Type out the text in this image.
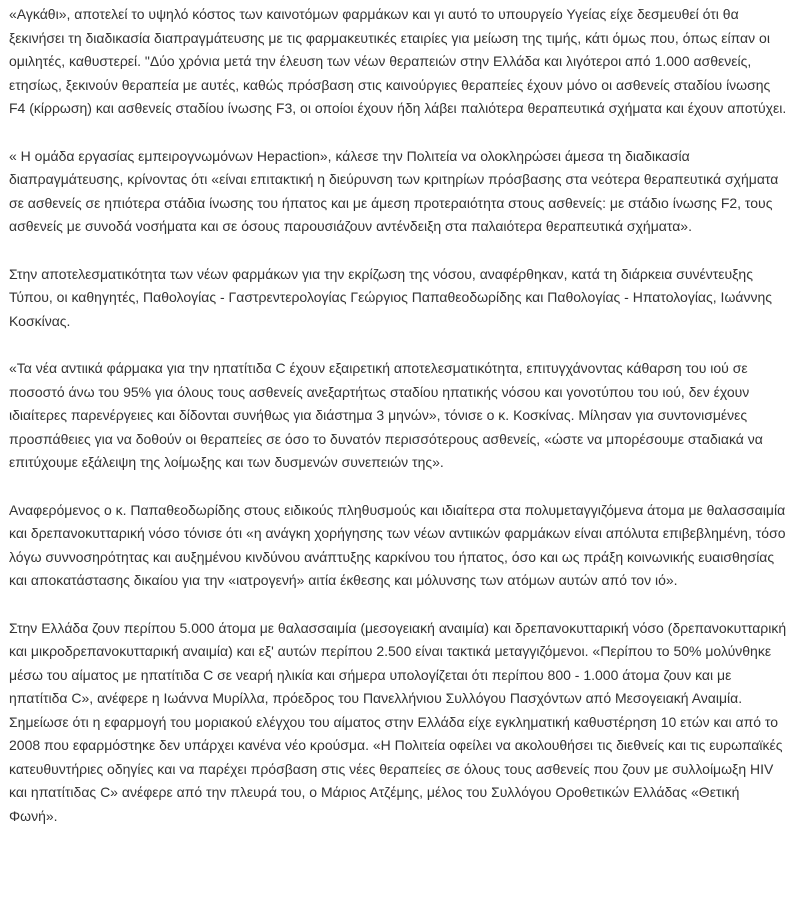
«Αγκάθι», αποτελεί το υψηλό κόστος των καινοτόμων φαρμάκων και γι αυτό το υπουργείο Υγείας είχε δεσμευθεί ότι θα ξεκινήσει τη διαδικασία διαπραγμάτευσης με τις φαρμακευτικές εταιρίες για μείωση της τιμής, κάτι όμως που, όπως είπαν οι ομιλητές, καθυστερεί. "Δύο χρόνια μετά την έλευση των νέων θεραπειών στην Ελλάδα και λιγότεροι από 1.000 ασθενείς, ετησίως, ξεκινούν θεραπεία με αυτές, καθώς πρόσβαση στις καινούργιες θεραπείες έχουν μόνο οι ασθενείς σταδίου ίνωσης F4 (κίρρωση) και ασθενείς σταδίου ίνωσης F3, οι οποίοι έχουν ήδη λάβει παλιότερα θεραπευτικά σχήματα και έχουν αποτύχει.

« Η ομάδα εργασίας εμπειρογνωμόνων Hepaction», κάλεσε την Πολιτεία να ολοκληρώσει άμεσα τη διαδικασία διαπραγμάτευσης, κρίνοντας ότι «είναι επιτακτική η διεύρυνση των κριτηρίων πρόσβασης στα νεότερα θεραπευτικά σχήματα σε ασθενείς σε ηπιότερα στάδια ίνωσης του ήπατος και με άμεση προτεραιότητα στους ασθενείς: με στάδιο ίνωσης F2, τους ασθενείς με συνοδά νοσήματα και σε όσους παρουσιάζουν αντένδειξη στα παλαιότερα θεραπευτικά σχήματα».

Στην αποτελεσματικότητα των νέων φαρμάκων για την εκρίζωση της νόσου, αναφέρθηκαν, κατά τη διάρκεια συνέντευξης Τύπου, οι καθηγητές, Παθολογίας - Γαστρεντερολογίας Γεώργιος Παπαθεοδωρίδης και Παθολογίας - Ηπατολογίας, Ιωάννης Κοσκίνας.

«Τα νέα αντιικά φάρμακα για την ηπατίτιδα C έχουν εξαιρετική αποτελεσματικότητα, επιτυγχάνοντας κάθαρση του ιού σε ποσοστό άνω του 95% για όλους τους ασθενείς ανεξαρτήτως σταδίου ηπατικής νόσου και γονοτύπου του ιού, δεν έχουν ιδιαίτερες παρενέργειες και δίδονται συνήθως για διάστημα 3 μηνών», τόνισε ο κ. Κοσκίνας. Μίλησαν για συντονισμένες προσπάθειες για να δοθούν οι θεραπείες σε όσο το δυνατόν περισσότερους ασθενείς, «ώστε να μπορέσουμε σταδιακά να επιτύχουμε εξάλειψη της λοίμωξης και των δυσμενών συνεπειών της».

Αναφερόμενος ο κ. Παπαθεοδωρίδης στους ειδικούς πληθυσμούς και ιδιαίτερα στα πολυμεταγγιζόμενα άτομα με θαλασσαιμία και δρεπανοκυτταρική νόσο τόνισε ότι «η ανάγκη χορήγησης των νέων αντιικών φαρμάκων είναι απόλυτα επιβεβλημένη, τόσο λόγω συννοσηρότητας και αυξημένου κινδύνου ανάπτυξης καρκίνου του ήπατος, όσο και ως πράξη κοινωνικής ευαισθησίας και αποκατάστασης δικαίου για την «ιατρογενή» αιτία έκθεσης και μόλυνσης των ατόμων αυτών από τον ιό».

Στην Ελλάδα ζουν περίπου 5.000 άτομα με θαλασσαιμία (μεσογειακή αναιμία) και δρεπανοκυτταρική νόσο (δρεπανοκυτταρική και μικροδρεπανοκυτταρική αναιμία) και εξ' αυτών περίπου 2.500 είναι τακτικά μεταγγιζόμενοι. «Περίπου το 50% μολύνθηκε μέσω του αίματος με ηπατίτιδα C σε νεαρή ηλικία και σήμερα υπολογίζεται ότι περίπου 800 - 1.000 άτομα ζουν και με ηπατίτιδα C», ανέφερε η Ιωάννα Μυρίλλα, πρόεδρος του Πανελλήνιου Συλλόγου Πασχόντων από Μεσογειακή Αναιμία. Σημείωσε ότι η εφαρμογή του μοριακού ελέγχου του αίματος στην Ελλάδα είχε εγκληματική καθυστέρηση 10 ετών και από το 2008 που εφαρμόστηκε δεν υπάρχει κανένα νέο κρούσμα. «Η Πολιτεία οφείλει να ακολουθήσει τις διεθνείς και τις ευρωπαϊκές κατευθυντήριες οδηγίες και να παρέχει πρόσβαση στις νέες θεραπείες σε όλους τους ασθενείς που ζουν με συλλοίμωξη HIV και ηπατίτιδας C» ανέφερε από την πλευρά του, ο Μάριος Ατζέμης, μέλος του Συλλόγου Οροθετικών Ελλάδας «Θετική Φωνή».
